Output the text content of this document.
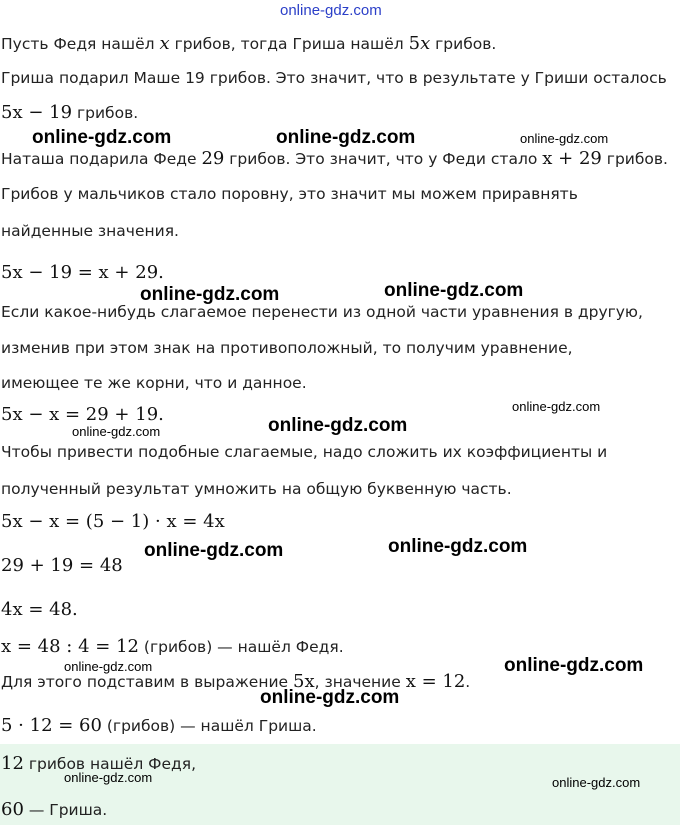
online-gdz.com
Пусть Федя нашёл x грибов, тогда Гриша нашёл 5x грибов.
Гриша подарил Маше 19 грибов. Это значит, что в результате у Гриши осталось
5x − 19 грибов.
Наташа подарила Феде 29 грибов. Это значит, что у Феди стало x + 29 грибов.
Грибов у мальчиков стало поровну, это значит мы можем приравнять
найденные значения.
5x − 19 = x + 29.
Если какое-нибудь слагаемое перенести из одной части уравнения в другую,
изменив при этом знак на противоположный, то получим уравнение,
имеющее те же корни, что и данное.
5x − x = 29 + 19.
Чтобы привести подобные слагаемые, надо сложить их коэффициенты и
полученный результат умножить на общую буквенную часть.
5x − x = (5 − 1) · x = 4x
29 + 19 = 48
4x = 48.
x = 48 : 4 = 12 (грибов) — нашёл Федя.
Для этого подставим в выражение 5x, значение x = 12.
5 · 12 = 60 (грибов) — нашёл Гриша.
12 грибов нашёл Федя,
60 — Гриша.
online-gdz.com	online-gdz.com	online-gdz.com
online-gdz.com	online-gdz.com
online-gdz.com
online-gdz.com
online-gdz.com
online-gdz.com
online-gdz.com
online-gdz.com	online-gdz.com
online-gdz.com
online-gdz.com	online-gdz.com
